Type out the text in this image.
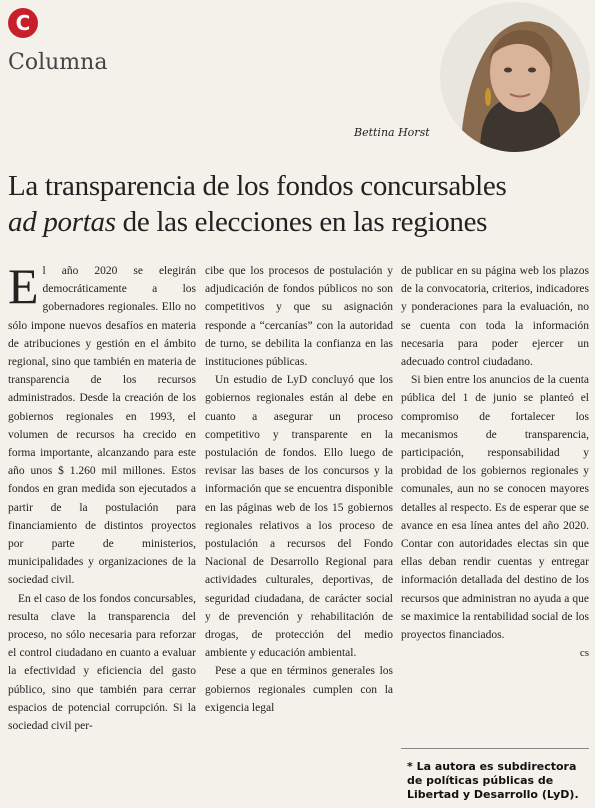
C
Columna
Bettina Horst
La transparencia de los fondos concursables
ad portas de las elecciones en las regiones

El año 2020 se elegirán democráticamente a los gobernadores regionales. Ello no sólo impone nuevos desafíos en materia de atribuciones y gestión en el ámbito regional, sino que también en materia de transparencia de los recursos administrados. Desde la creación de los gobiernos regionales en 1993, el volumen de recursos ha crecido en forma importante, alcanzando para este año unos $ 1.260 mil millones. Estos fondos en gran medida son ejecutados a partir de la postulación para financiamiento de distintos proyectos por parte de ministerios, municipalidades y organizaciones de la sociedad civil.

En el caso de los fondos concursables, resulta clave la transparencia del proceso, no sólo necesaria para reforzar el control ciudadano en cuanto a evaluar la efectividad y eficiencia del gasto público, sino que también para cerrar espacios de potencial corrupción. Si la sociedad civil per-

cibe que los procesos de postulación y adjudicación de fondos públicos no son competitivos y que su asignación responde a “cercanías” con la autoridad de turno, se debilita la confianza en las instituciones públicas.

Un estudio de LyD concluyó que los gobiernos regionales están al debe en cuanto a asegurar un proceso competitivo y transparente en la postulación de fondos. Ello luego de revisar las bases de los concursos y la información que se encuentra disponible en las páginas web de los 15 gobiernos regionales relativos a los proceso de postulación a recursos del Fondo Nacional de Desarrollo Regional para actividades culturales, deportivas, de seguridad ciudadana, de carácter social y de prevención y rehabilitación de drogas, de protección del medio ambiente y educación ambiental.

Pese a que en términos generales los gobiernos regionales cumplen con la exigencia legal

de publicar en su página web los plazos de la convocatoria, criterios, indicadores y ponderaciones para la evaluación, no se cuenta con toda la información necesaria para poder ejercer un adecuado control ciudadano.

Si bien entre los anuncios de la cuenta pública del 1 de junio se planteó el compromiso de fortalecer los mecanismos de transparencia, participación, responsabilidad y probidad de los gobiernos regionales y comunales, aun no se conocen mayores detalles al respecto. Es de esperar que se avance en esa línea antes del año 2020. Contar con autoridades electas sin que ellas deban rendir cuentas y entregar información detallada del destino de los recursos que administran no ayuda a que se maximice la rentabilidad social de los proyectos financiados.

cs
* La autora es subdirectora de políticas públicas de Libertad y Desarrollo (LyD).
